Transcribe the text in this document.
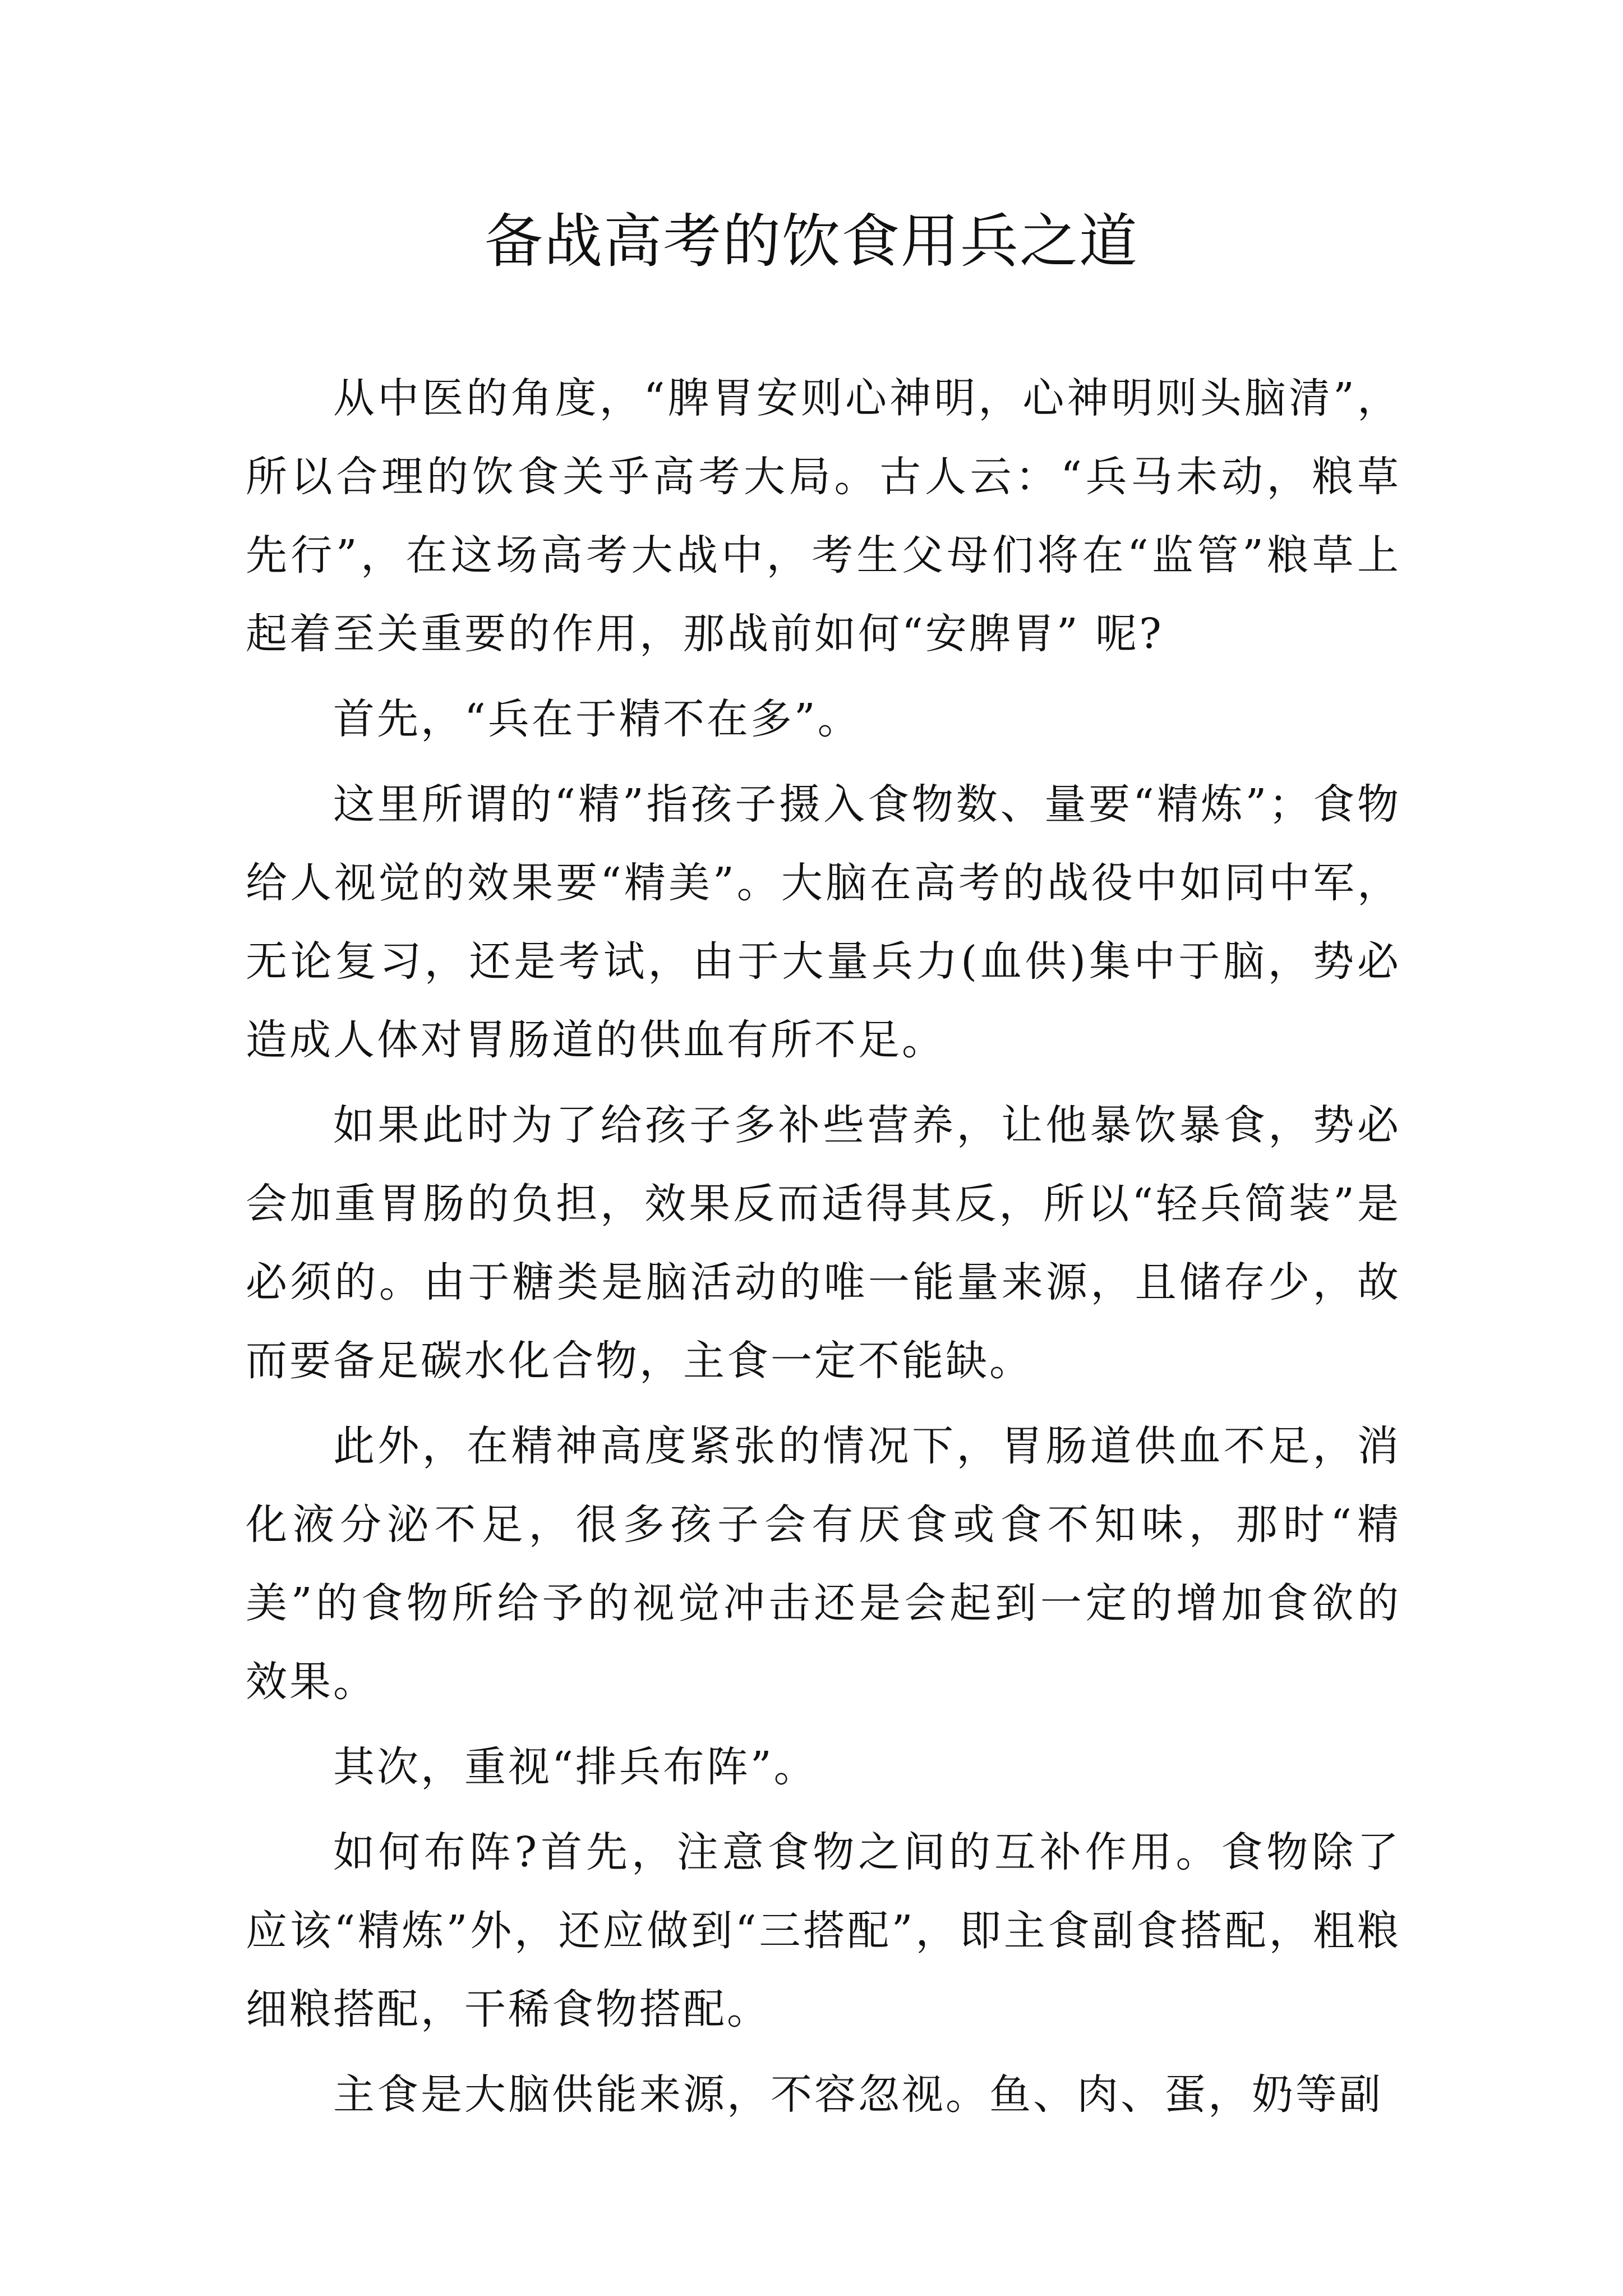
备战高考的饮食用兵之道

从中医的角度，“脾胃安则心神明，心神明则头脑清”，所以合理的饮食关乎高考大局。古人云：“兵马未动，粮草先行”，在这场高考大战中，考生父母们将在“监管”粮草上起着至关重要的作用，那战前如何“安脾胃” 呢?

首先，“兵在于精不在多”。

这里所谓的“精”指孩子摄入食物数、量要“精炼”；食物给人视觉的效果要“精美”。大脑在高考的战役中如同中军，无论复习，还是考试，由于大量兵力(血供)集中于脑，势必造成人体对胃肠道的供血有所不足。

如果此时为了给孩子多补些营养，让他暴饮暴食，势必会加重胃肠的负担，效果反而适得其反，所以“轻兵简装”是必须的。由于糖类是脑活动的唯一能量来源，且储存少，故而要备足碳水化合物，主食一定不能缺。

此外，在精神高度紧张的情况下，胃肠道供血不足，消化液分泌不足，很多孩子会有厌食或食不知味，那时“精美”的食物所给予的视觉冲击还是会起到一定的增加食欲的效果。

其次，重视“排兵布阵”。

如何布阵?首先，注意食物之间的互补作用。食物除了应该“精炼”外，还应做到“三搭配”，即主食副食搭配，粗粮细粮搭配，干稀食物搭配。

主食是大脑供能来源，不容忽视。鱼、肉、蛋，奶等副
